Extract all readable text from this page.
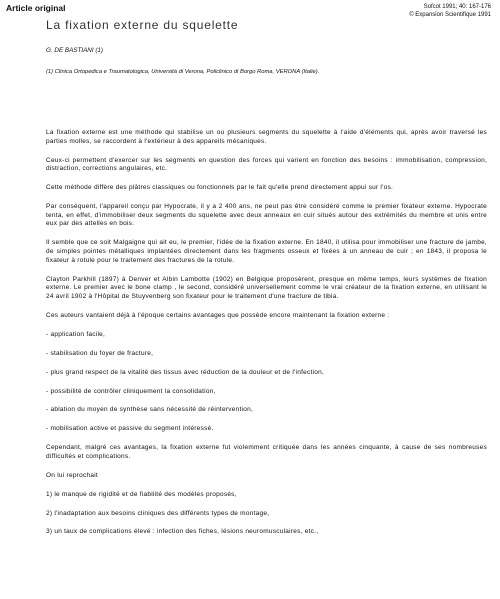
Article original	Sofcot 1991; 40: 167-176
© Expansion Scientifique 1991
La fixation externe du squelette
G. DE BASTIANI (1)
(1) Clinica Ortopedica e Traumatologica, Università di Verona, Policlinico di Borgo Roma, VERONA (Italie).

La fixation externe est une méthode qui stabilise un ou plusieurs segments du squelette à l'aide d'éléments qui, après avoir traversé les parties molles, se raccordent à l'extérieur à des appareils mécaniques.

Ceux-ci permettent d'exercer sur les segments en question des forces qui varient en fonction des besoins : immobilisation, compression, distraction, corrections angulaires, etc.

Cette méthode diffère des plâtres classiques ou fonctionnels par le fait qu'elle prend directement appui sur l'os.

Par conséquent, l'appareil conçu par Hypocrate, il y a 2 400 ans, ne peut pas être considéré comme le premier fixateur externe. Hypocrate tenta, en effet, d'immobiliser deux segments du squelette avec deux anneaux en cuir situés autour des extrémités du membre et unis entre eux par des attelles en bois.

Il semble que ce soit Malgaigne qui ait eu, le premier, l'idée de la fixation externe. En 1840, il utilisa pour immobiliser une fracture de jambe, de simples pointes métalliques implantées directement dans les fragments osseux et fixées à un anneau de cuir ; en 1843, il proposa le fixateur à rotule pour le traitement des fractures de la rotule.

Clayton Parkhill (1897) à Denver et Albin Lambotte (1902) en Belgique proposèrent, presque en même temps, leurs systèmes de fixation externe. Le premier avec le bone clamp , le second, considéré universellement comme le vrai créateur de la fixation externe, en utilisant le 24 avril 1902 à l'Hôpital de Stuyvenberg son fixateur pour le traitement d'une fracture de tibia.

Ces auteurs vantaient déjà à l'époque certains avantages que possède encore maintenant la fixation externe :

- application facile,

- stabilisation du foyer de fracture,

- plus grand respect de la vitalité des tissus avec réduction de la douleur et de l'infection,

- possibilité de contrôler cliniquement la consolidation,

- ablation du moyen de synthèse sans nécessité de réintervention,

- mobilisation active et passive du segment intéressé.

Cependant, malgré ces avantages, la fixation externe fut violemment critiquée dans les années cinquante, à cause de ses nombreuses difficultés et complications.

On lui reprochait

1) le manque de rigidité et de fiabilité des modèles proposés,

2) l'inadaptation aux besoins cliniques des différents types de montage,

3) un taux de complications élevé : infection des fiches, lésions neuromusculaires, etc.,
